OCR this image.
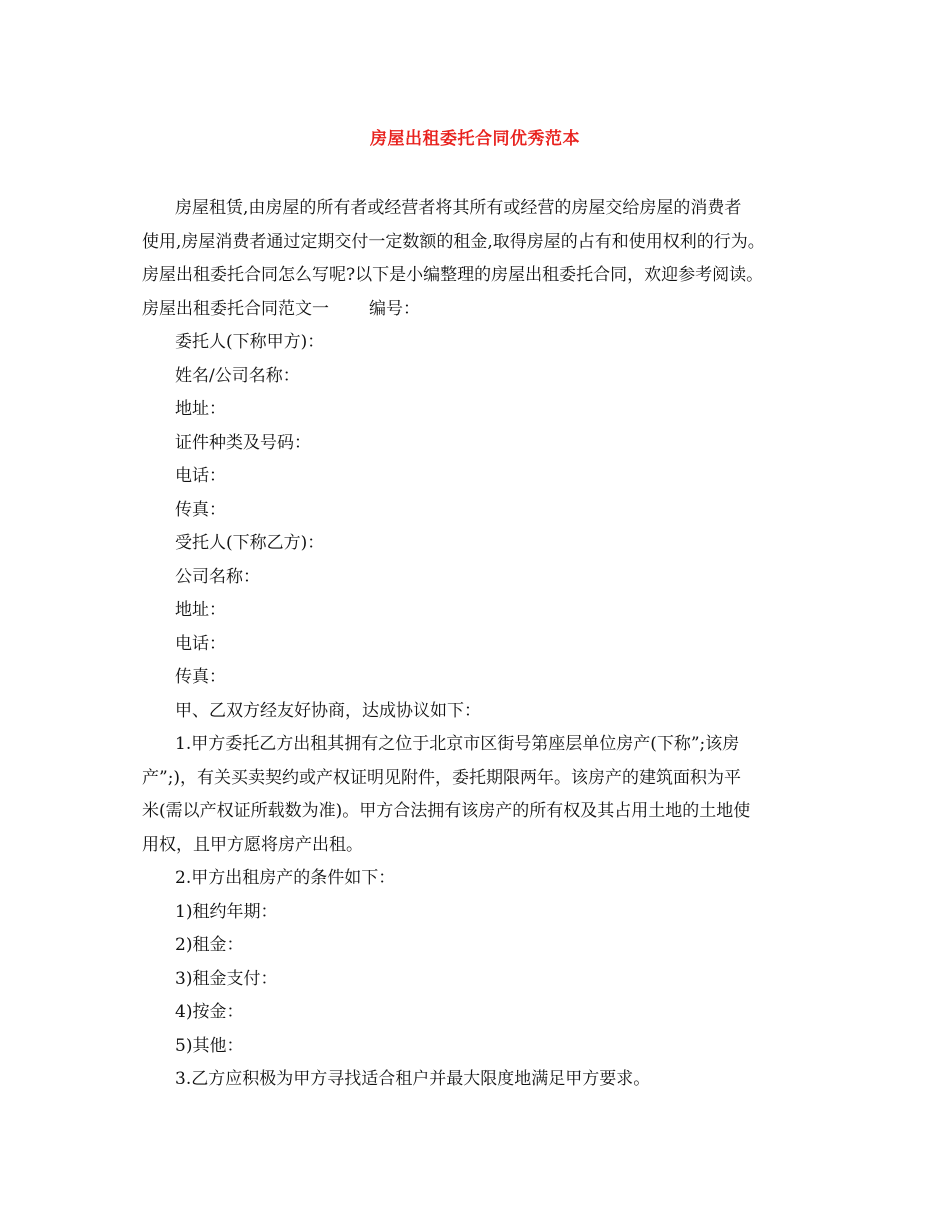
房屋出租委托合同优秀范本

房屋租赁,由房屋的所有者或经营者将其所有或经营的房屋交给房屋的消费者

使用,房屋消费者通过定期交付一定数额的租金,取得房屋的占有和使用权利的行为。

房屋出租委托合同怎么写呢?以下是小编整理的房屋出租委托合同，欢迎参考阅读。

房屋出租委托合同范文一 编号：

委托人(下称甲方)：

姓名/公司名称：

地址：

证件种类及号码：

电话：

传真：

受托人(下称乙方)：

公司名称：

地址：

电话：

传真：

甲、乙双方经友好协商，达成协议如下：

1.甲方委托乙方出租其拥有之位于北京市区街号第座层单位房产(下称”;该房

产”;)，有关买卖契约或产权证明见附件，委托期限两年。该房产的建筑面积为平

米(需以产权证所载数为准)。甲方合法拥有该房产的所有权及其占用土地的土地使

用权，且甲方愿将房产出租。

2.甲方出租房产的条件如下：

1)租约年期：

2)租金：

3)租金支付：

4)按金：

5)其他：

3.乙方应积极为甲方寻找适合租户并最大限度地满足甲方要求。
